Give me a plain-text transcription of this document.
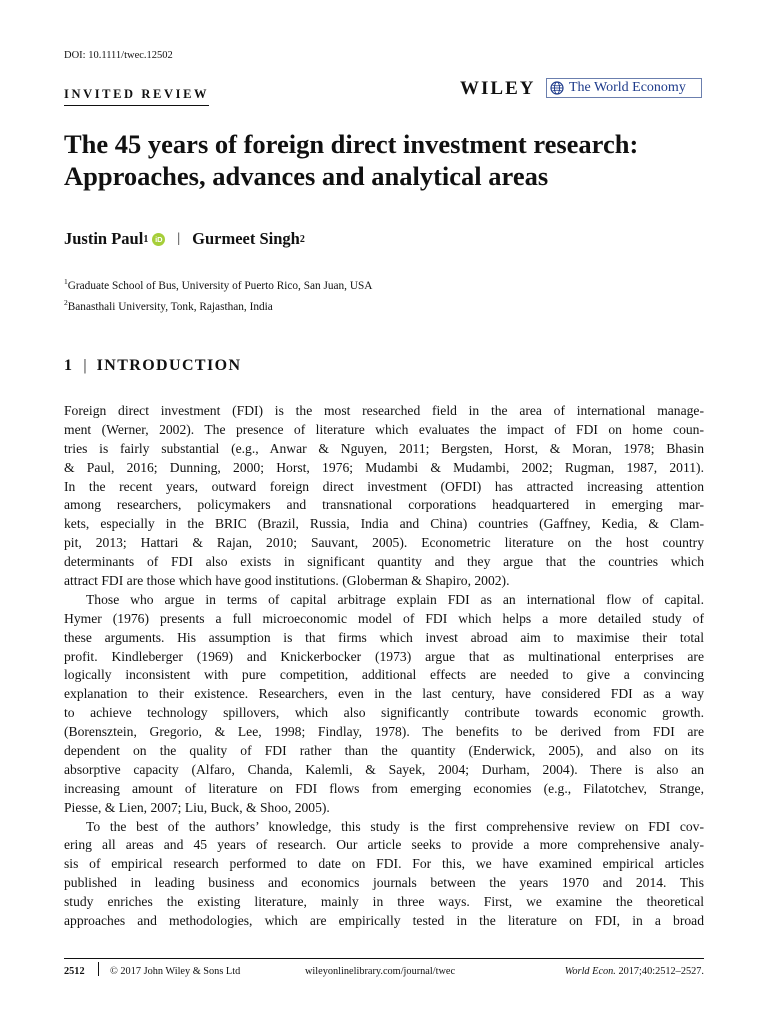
DOI: 10.1111/twec.12502
INVITED REVIEW	WILEY The World Economy
The 45 years of foreign direct investment research:
Approaches, advances and analytical areas
Justin Paul 1 iD | Gurmeet Singh 2
$^1$Graduate School of Bus, University of Puerto Rico, San Juan, USA
$^2$Banasthali University, Tonk, Rajasthan, India
1 | INTRODUCTION
Foreign direct investment (FDI) is the most researched field in the area of international manage-
ment (Werner, 2002). The presence of literature which evaluates the impact of FDI on home coun-
tries is fairly substantial (e.g., Anwar & Nguyen, 2011; Bergsten, Horst, & Moran, 1978; Bhasin
& Paul, 2016; Dunning, 2000; Horst, 1976; Mudambi & Mudambi, 2002; Rugman, 1987, 2011).
In the recent years, outward foreign direct investment (OFDI) has attracted increasing attention
among researchers, policymakers and transnational corporations headquartered in emerging mar-
kets, especially in the BRIC (Brazil, Russia, India and China) countries (Gaffney, Kedia, & Clam-
pit, 2013; Hattari & Rajan, 2010; Sauvant, 2005). Econometric literature on the host country
determinants of FDI also exists in significant quantity and they argue that the countries which
attract FDI are those which have good institutions. (Globerman & Shapiro, 2002).
Those who argue in terms of capital arbitrage explain FDI as an international flow of capital.
Hymer (1976) presents a full microeconomic model of FDI which helps a more detailed study of
these arguments. His assumption is that firms which invest abroad aim to maximise their total
profit. Kindleberger (1969) and Knickerbocker (1973) argue that as multinational enterprises are
logically inconsistent with pure competition, additional effects are needed to give a convincing
explanation to their existence. Researchers, even in the last century, have considered FDI as a way
to achieve technology spillovers, which also significantly contribute towards economic growth.
(Borensztein, Gregorio, & Lee, 1998; Findlay, 1978). The benefits to be derived from FDI are
dependent on the quality of FDI rather than the quantity (Enderwick, 2005), and also on its
absorptive capacity (Alfaro, Chanda, Kalemli, & Sayek, 2004; Durham, 2004). There is also an
increasing amount of literature on FDI flows from emerging economies (e.g., Filatotchev, Strange,
Piesse, & Lien, 2007; Liu, Buck, & Shoo, 2005).
To the best of the authors’ knowledge, this study is the first comprehensive review on FDI cov-
ering all areas and 45 years of research. Our article seeks to provide a more comprehensive analy-
sis of empirical research performed to date on FDI. For this, we have examined empirical articles
published in leading business and economics journals between the years 1970 and 2014. This
study enriches the existing literature, mainly in three ways. First, we examine the theoretical
approaches and methodologies, which are empirically tested in the literature on FDI, in a broad
2512 © 2017 John Wiley & Sons Ltd	wileyonlinelibrary.com/journal/twec	World Econ. 2017;40:2512–2527.
